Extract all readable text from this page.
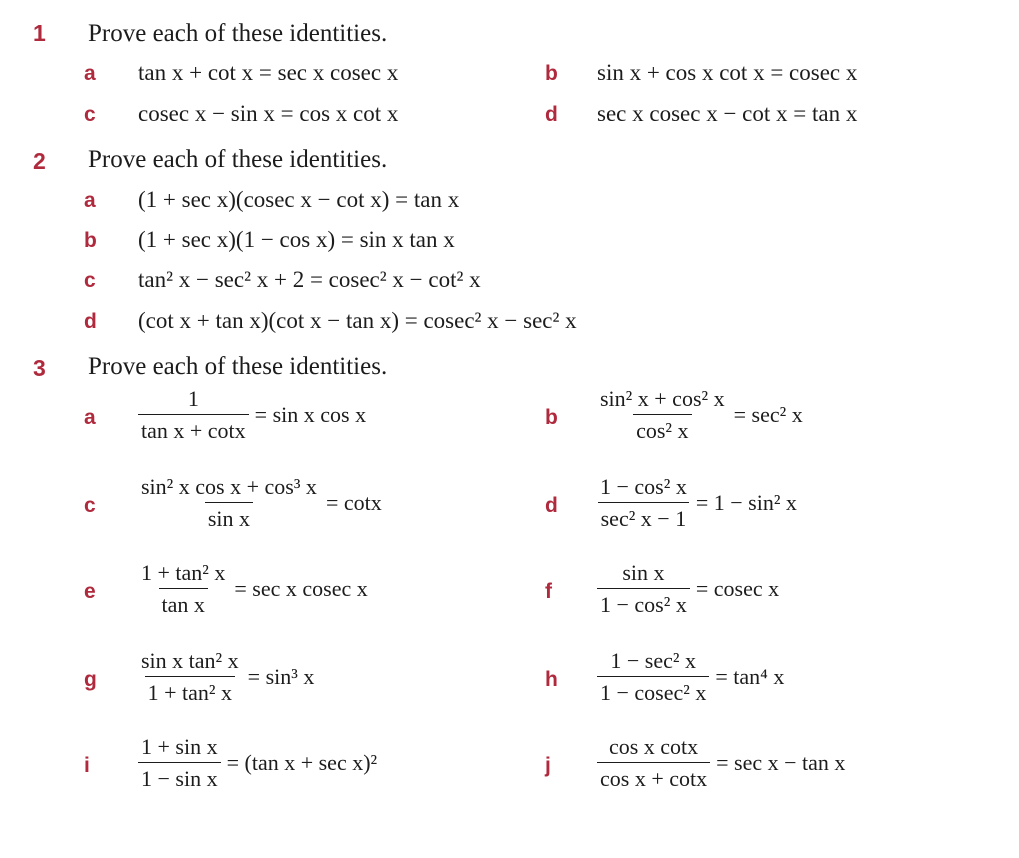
1	Prove each of these identities.
a	tan x + cot x = sec x cosec x	b	sin x + cos x cot x = cosec x
c	cosec x − sin x = cos x cot x	d	sec x cosec x − cot x = tan x
2	Prove each of these identities.
a	(1 + sec x)(cosec x − cot x) = tan x
b	(1 + sec x)(1 − cos x) = sin x tan x
c	tan² x − sec² x + 2 = cosec² x − cot² x
d	(cot x + tan x)(cot x − tan x) = cosec² x − sec² x
3	Prove each of these identities.
a	$\frac{1}{\text{tan x + cotx}} = \sin x$ cos x	b	$\frac{\text{sin² x + cos² x}}{\text{cos² x}} = \sec^2$ x
c	$\frac{\text{sin² x cos x + cos³ x}}{\text{sin x}} = \cot x$	d	$\frac{\text{1 − cos² x}}{\text{sec² x − 1}} = 1 - \sin^2$ x
e	$\frac{\text{1 + tan² x}}{\text{tan x}} = \sec x$ cosec x	f	$\frac{\text{sin x}}{\text{1 − cos² x}} = cosec$ x
g	$\frac{\text{sin x tan² x}}{\text{1 + tan² x}} = \sin^3$ x	h	$\frac{\text{1 − sec² x}}{\text{1 − cosec² x}} = \tan^4$ x
i	$\frac{\text{1 + sin x}}{\text{1 − sin x}} = (\tan$ x + sec x)²	j	$\frac{\text{cos x cotx}}{\text{cos x + cotx}} = \sec x - \tan x$
